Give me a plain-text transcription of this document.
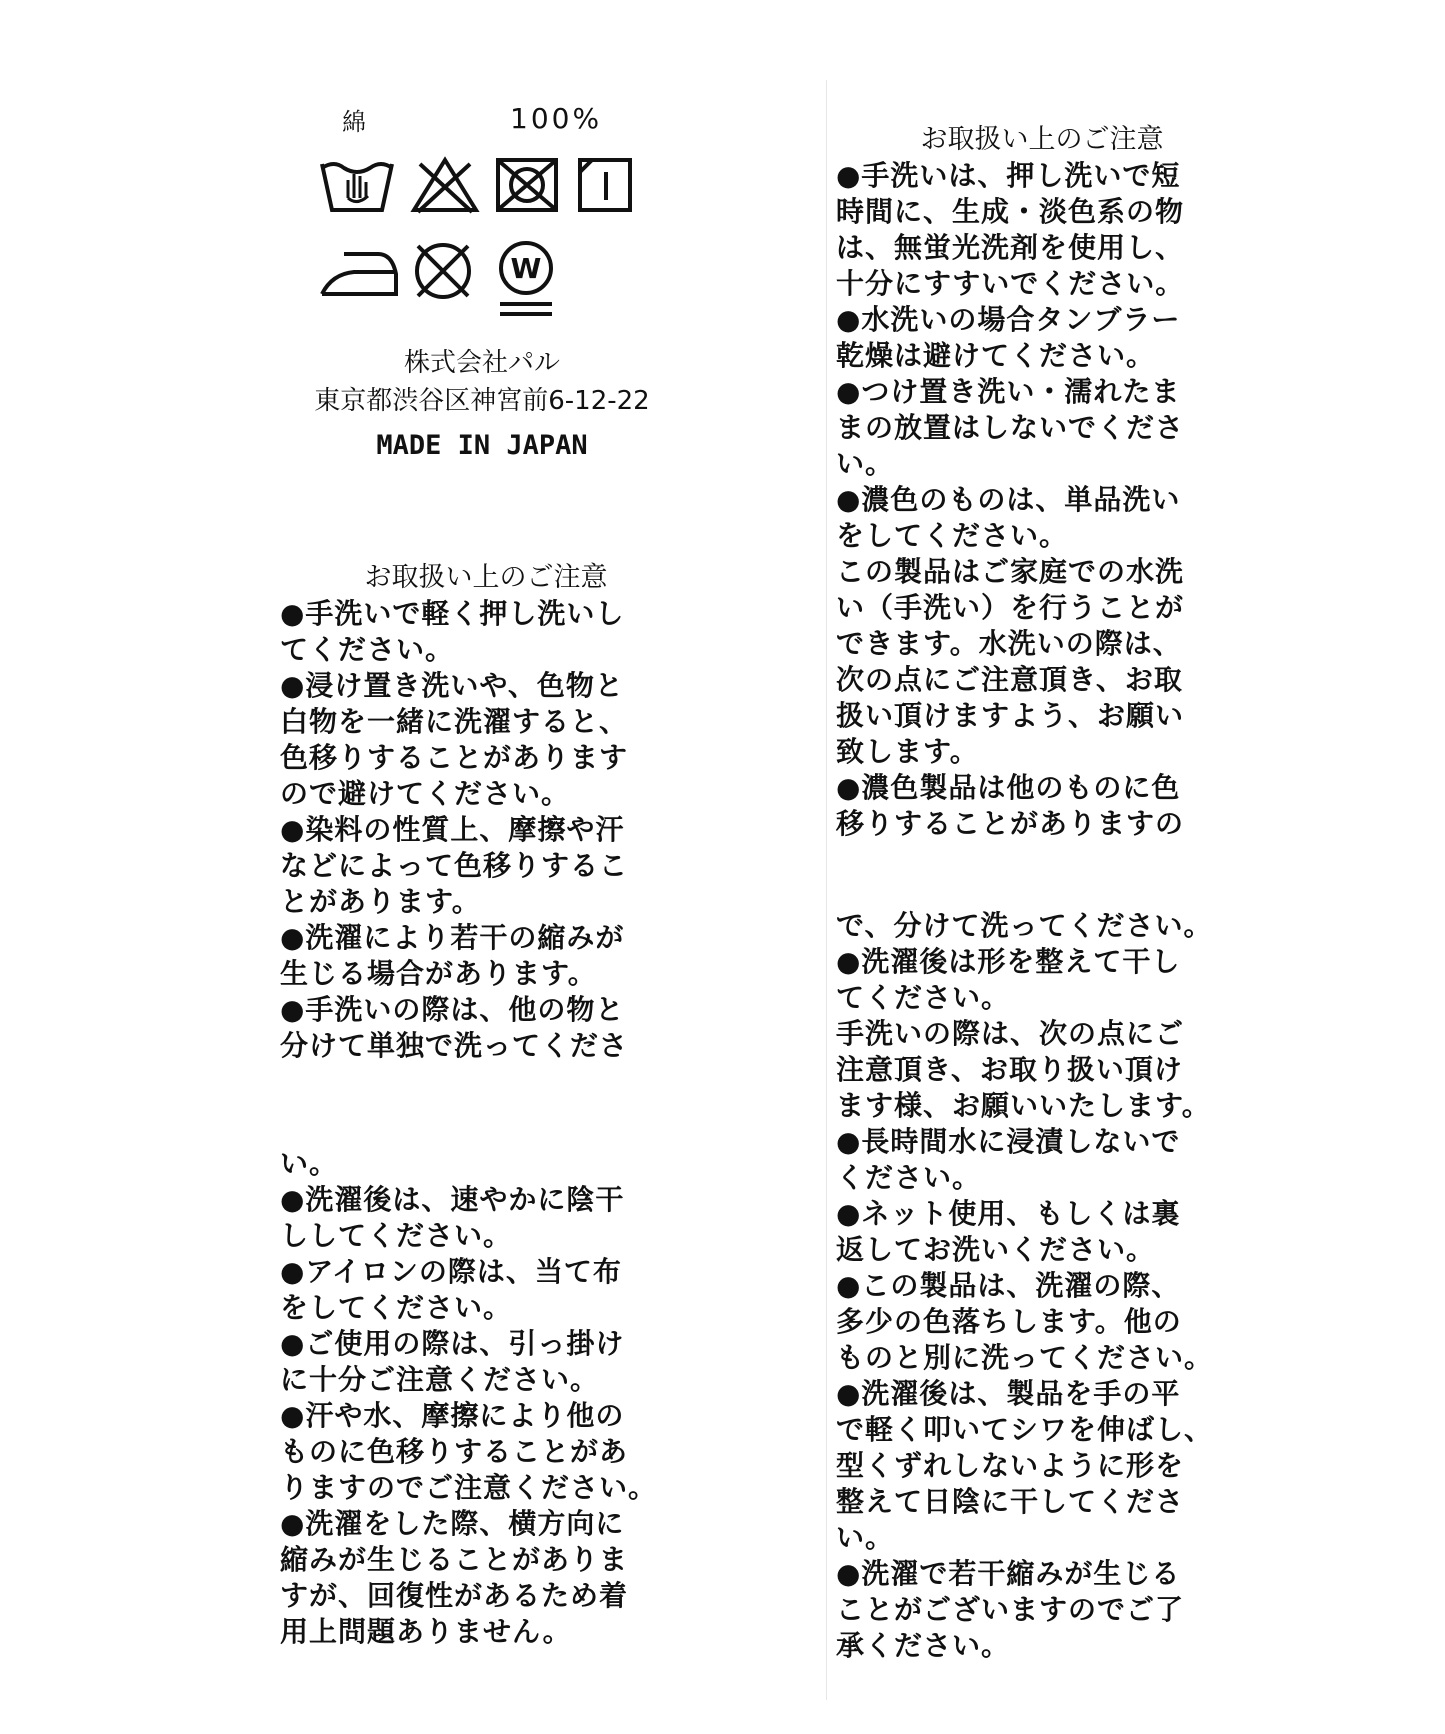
綿	100%
W
株式会社パル
東京都渋谷区神宮前6-12-22
MADE IN JAPAN
お取扱い上のご注意

●手洗いで軽く押し洗いし
てください。
●浸け置き洗いや、色物と
白物を一緒に洗濯すると、
色移りすることがあります
ので避けてください。
●染料の性質上、摩擦や汗
などによって色移りするこ
とがあります。
●洗濯により若干の縮みが
生じる場合があります。
●手洗いの際は、他の物と
分けて単独で洗ってくださ

い。
●洗濯後は、速やかに陰干
ししてください。
●アイロンの際は、当て布
をしてください。
●ご使用の際は、引っ掛け
に十分ご注意ください。
●汗や水、摩擦により他の
ものに色移りすることがあ
りますのでご注意ください。
●洗濯をした際、横方向に
縮みが生じることがありま
すが、回復性があるため着
用上問題ありません。

お取扱い上のご注意

●手洗いは、押し洗いで短
時間に、生成・淡色系の物
は、無蛍光洗剤を使用し、
十分にすすいでください。
●水洗いの場合タンブラー
乾燥は避けてください。
●つけ置き洗い・濡れたま
まの放置はしないでくださ
い。
●濃色のものは、単品洗い
をしてください。
この製品はご家庭での水洗
い（手洗い）を行うことが
できます。水洗いの際は、
次の点にご注意頂き、お取
扱い頂けますよう、お願い
致します。
●濃色製品は他のものに色
移りすることがありますの

で、分けて洗ってください。
●洗濯後は形を整えて干し
てください。
手洗いの際は、次の点にご
注意頂き、お取り扱い頂け
ます様、お願いいたします。
●長時間水に浸漬しないで
ください。
●ネット使用、もしくは裏
返してお洗いください。
●この製品は、洗濯の際、
多少の色落ちします。他の
ものと別に洗ってください。
●洗濯後は、製品を手の平
で軽く叩いてシワを伸ばし、
型くずれしないように形を
整えて日陰に干してくださ
い。
●洗濯で若干縮みが生じる
ことがございますのでご了
承ください。
